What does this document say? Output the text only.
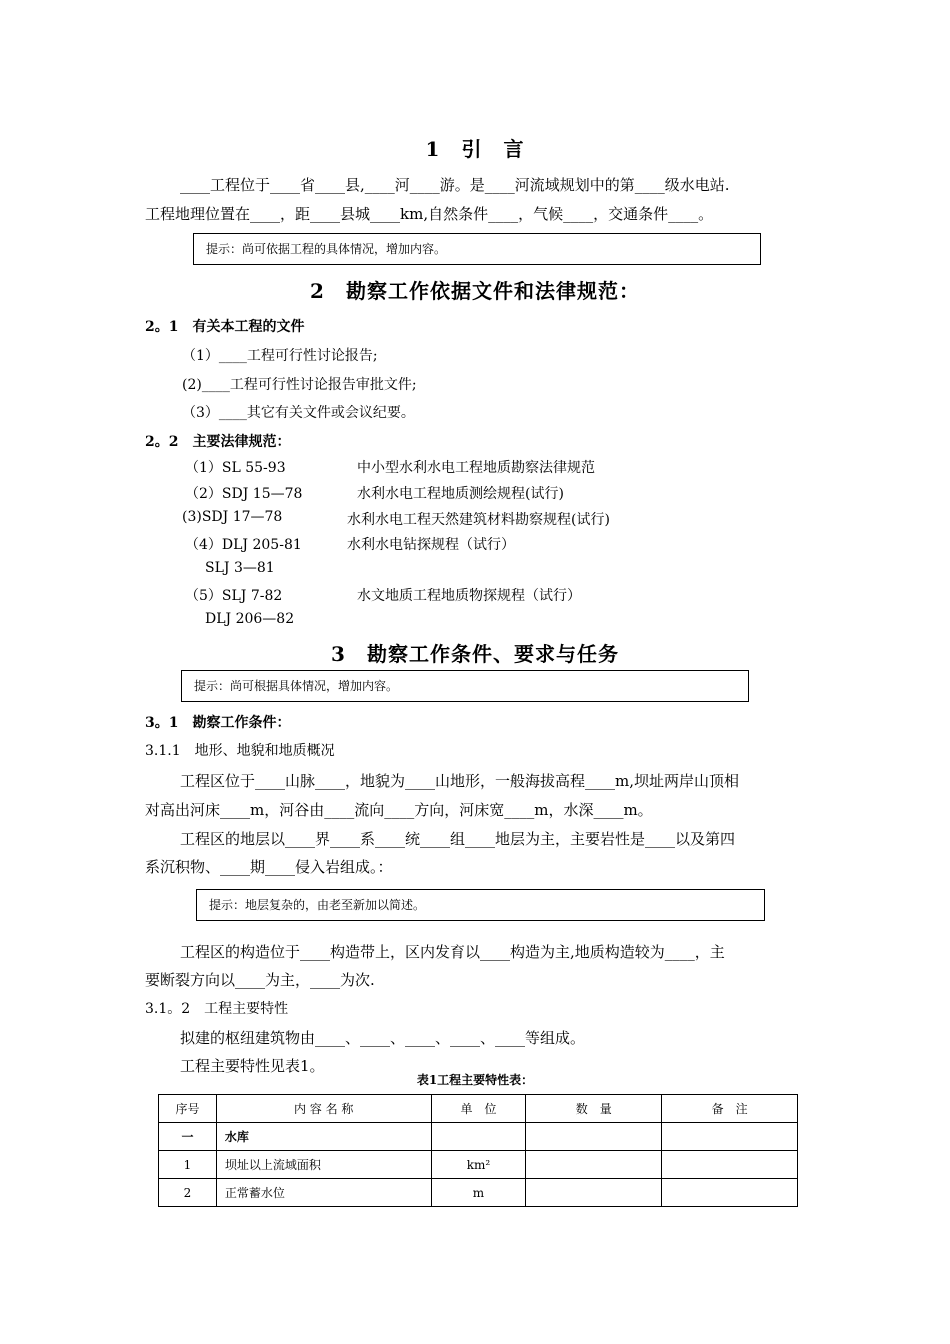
1　引　言
____工程位于____省____县,____河____游。是____河流域规划中的第____级水电站.
工程地理位置在____，距____县城____km,自然条件____，气候____，交通条件____。
提示：尚可依据工程的具体情况，增加内容。
2　勘察工作依据文件和法律规范：
2。1　有关本工程的文件
（1）____工程可行性讨论报告;
(2)____工程可行性讨论报告审批文件;
（3）____其它有关文件或会议纪要。
2。2　主要法律规范：
（1）SL 55-93	中小型水利水电工程地质勘察法律规范
（2）SDJ 15—78	水利水电工程地质测绘规程(试行)
(3)SDJ 17—78	水利水电工程天然建筑材料勘察规程(试行)
（4）DLJ 205-81	水利水电钻探规程（试行）
SLJ 3—81
（5）SLJ 7-82	水文地质工程地质物探规程（试行）
DLJ 206—82
3　勘察工作条件、要求与任务
提示：尚可根据具体情况，增加内容。
3。1　勘察工作条件：
3.1.1　地形、地貌和地质概况
工程区位于____山脉____，地貌为____山地形，一般海拔高程____m,坝址两岸山顶相
对高出河床____m，河谷由____流向____方向，河床宽____m，水深____m。
工程区的地层以____界____系____统____组____地层为主，主要岩性是____以及第四
系沉积物、____期____侵入岩组成。：
提示：地层复杂的，由老至新加以简述。
工程区的构造位于____构造带上，区内发育以____构造为主,地质构造较为____，主
要断裂方向以____为主，____为次.
3.1。2　工程主要特性
拟建的枢纽建筑物由____、____、____、____、____等组成。
工程主要特性见表1。
表1工程主要特性表：
序号	内 容 名 称	单　位	数　量	备　注
一	水库			
1	坝址以上流域面积	km²		
2	正常蓄水位	m		
